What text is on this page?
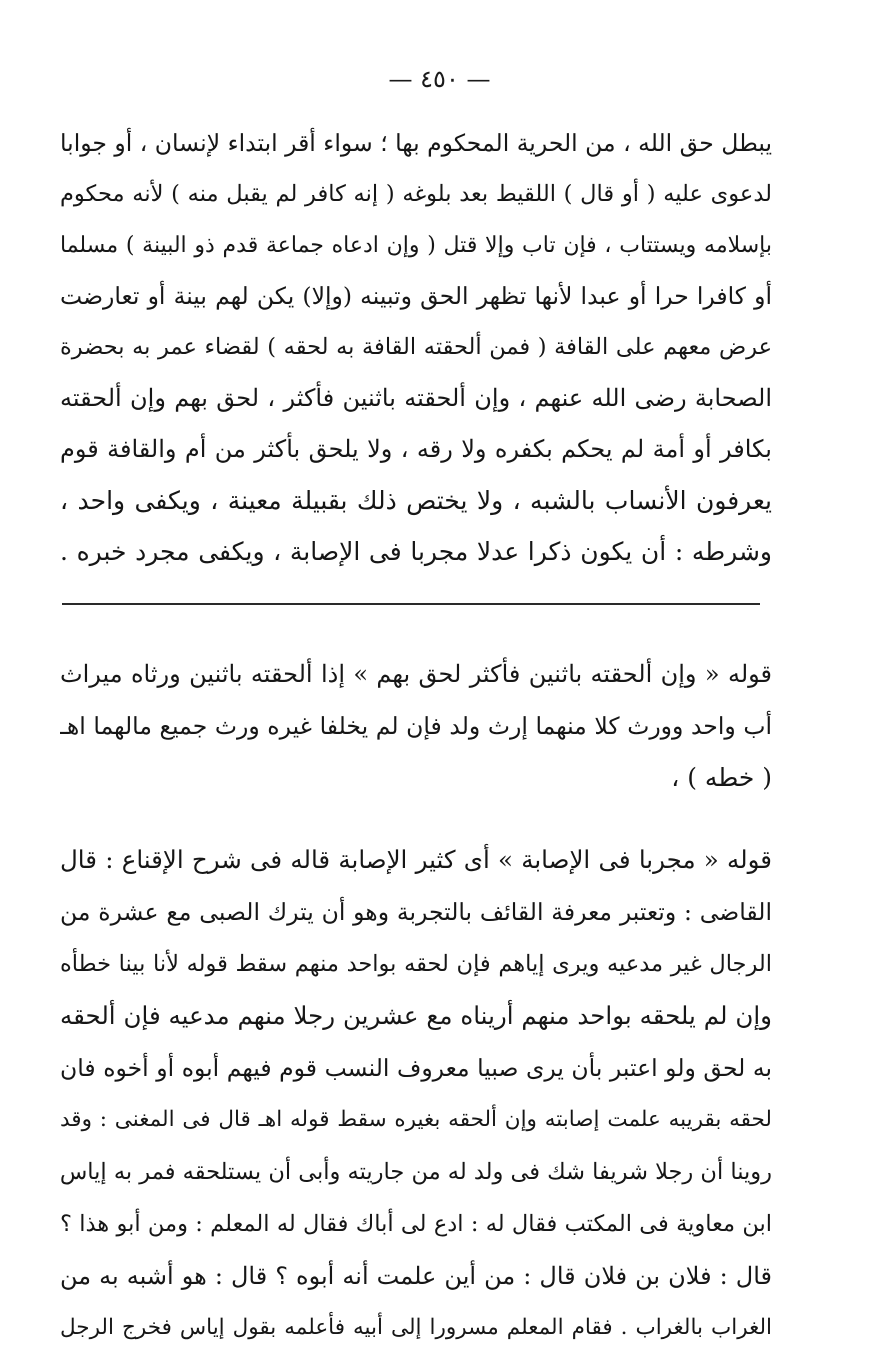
— ٤٥٠ —
يبطل حق الله ، من الحرية المحكوم بها ؛ سواء أقر ابتداء لإنسان ، أو جوابا
لدعوى عليه ( أو قال ) اللقيط بعد بلوغه ( إنه كافر لم يقبل منه ) لأنه محكوم
بإسلامه ويستتاب ، فإن تاب وإلا قتل ( وإن ادعاه جماعة قدم ذو البينة ) مسلما
أو كافرا حرا أو عبدا لأنها تظهر الحق وتبينه (وإلا) يكن لهم بينة أو تعارضت
عرض معهم على القافة ( فمن ألحقته القافة به لحقه ) لقضاء عمر به بحضرة
الصحابة رضى الله عنهم ، وإن ألحقته باثنين فأكثر ، لحق بهم وإن ألحقته
بكافر أو أمة لم يحكم بكفره ولا رقه ، ولا يلحق بأكثر من أم والقافة قوم
يعرفون الأنساب بالشبه ، ولا يختص ذلك بقبيلة معينة ، ويكفى واحد ،
وشرطه : أن يكون ذكرا عدلا مجربا فى الإصابة ، ويكفى مجرد خبره .
قوله « وإن ألحقته باثنين فأكثر لحق بهم » إذا ألحقته باثنين ورثاه ميراث
أب واحد وورث كلا منهما إرث ولد فإن لم يخلفا غيره ورث جميع مالهما اهـ
( خطه ) ،
قوله « مجربا فى الإصابة » أى كثير الإصابة قاله فى شرح الإقناع : قال
القاضى : وتعتبر معرفة القائف بالتجربة وهو أن يترك الصبى مع عشرة من
الرجال غير مدعيه ويرى إياهم فإن لحقه بواحد منهم سقط قوله لأنا بينا خطأه
وإن لم يلحقه بواحد منهم أريناه مع عشرين رجلا منهم مدعيه فإن ألحقه
به لحق ولو اعتبر بأن يرى صبيا معروف النسب قوم فيهم أبوه أو أخوه فان
لحقه بقريبه علمت إصابته وإن ألحقه بغيره سقط قوله اهـ قال فى المغنى : وقد
روينا أن رجلا شريفا شك فى ولد له من جاريته وأبى أن يستلحقه فمر به إياس
ابن معاوية فى المكتب فقال له : ادع لى أباك فقال له المعلم : ومن أبو هذا ؟
قال : فلان بن فلان قال : من أين علمت أنه أبوه ؟ قال : هو أشبه به من
الغراب بالغراب . فقام المعلم مسرورا إلى أبيه فأعلمه بقول إياس فخرج الرجل
